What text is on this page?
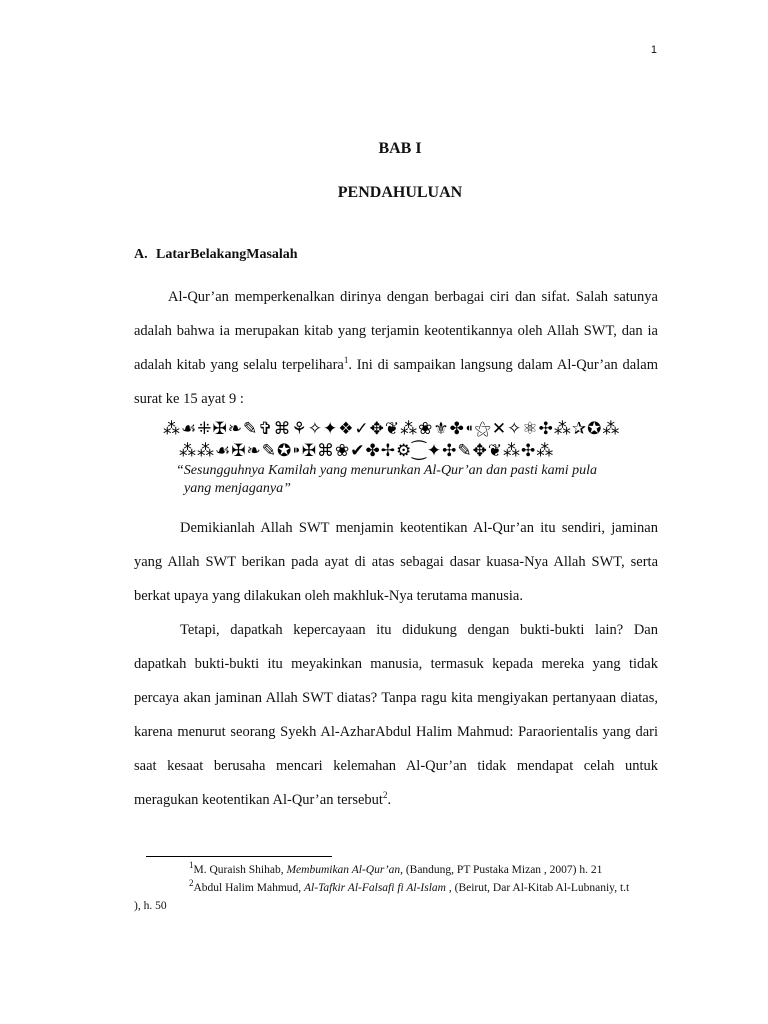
1
BAB I
PENDAHULUAN
A. LatarBelakangMasalah
Al-Qur’an memperkenalkan dirinya dengan berbagai ciri dan sifat. Salah satunya adalah bahwa ia merupakan kitab yang terjamin keotentikannya oleh Allah SWT, dan ia adalah kitab yang selalu terpelihara$^1$. Ini di sampaikan langsung dalam Al-Qur’an dalam surat ke 15 ayat 9 :
⁂☙⁜✠❧✎✞⌘⚘✧✦❖✓✥❦⁂❀⚜✤⁌⚝✕✧⚛✣⁂✰✪⁂
⁂⁂☙✠❧✎✪⁍✠⌘❀✔✤✢⚙⁐✦✣✎✥❦⁂✣⁂
“Sesungguhnya Kamilah yang menurunkan Al-Qur’an dan pasti kami pula
yang menjaganya”
Demikianlah Allah SWT menjamin keotentikan Al-Qur’an itu sendiri, jaminan yang Allah SWT berikan pada ayat di atas sebagai dasar kuasa-Nya Allah SWT, serta berkat upaya yang dilakukan oleh makhluk-Nya terutama manusia.
Tetapi, dapatkah kepercayaan itu didukung dengan bukti-bukti lain? Dan dapatkah bukti-bukti itu meyakinkan manusia, termasuk kepada mereka yang tidak percaya akan jaminan Allah SWT diatas? Tanpa ragu kita mengiyakan pertanyaan diatas, karena menurut seorang Syekh Al-AzharAbdul Halim Mahmud: Paraorientalis yang dari saat kesaat berusaha mencari kelemahan Al-Qur’an tidak mendapat celah untuk meragukan keotentikan Al-Qur’an tersebut$^2$.
$^1$M. Quraish Shihab, Membumikan Al-Qur’an, (Bandung, PT Pustaka Mizan , 2007) h. 21
$^2$Abdul Halim Mahmud, Al-Tafkir Al-Falsafi fi Al-Islam , (Beirut, Dar Al-Kitab Al-Lubnaniy, t.t ), h. 50
